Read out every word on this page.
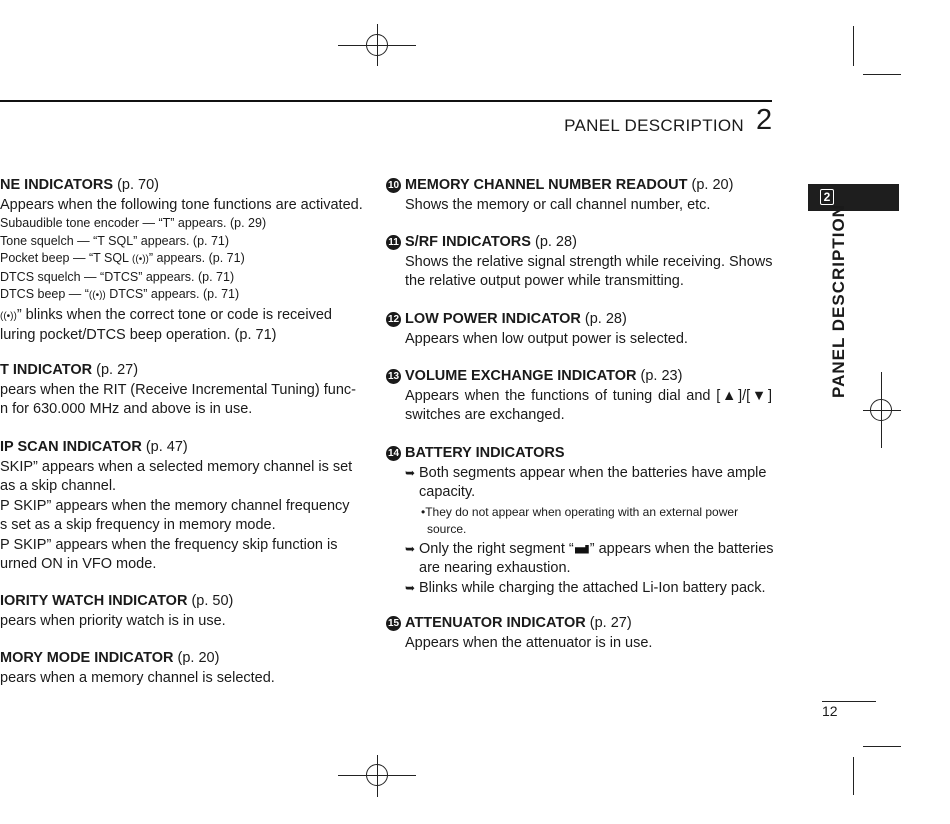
PANEL DESCRIPTION 2
2
PANEL DESCRIPTION
NE INDICATORS (p. 70)
Appears when the following tone functions are activated.
Subaudible tone encoder — “T” appears. (p. 29)
Tone squelch — “T SQL” appears. (p. 71)
Pocket beep — “T SQL ((•))” appears. (p. 71)
DTCS squelch — “DTCS” appears. (p. 71)
DTCS beep — “((•)) DTCS” appears. (p. 71)
((•))” blinks when the correct tone or code is received
luring pocket/DTCS beep operation. (p. 71)
T INDICATOR (p. 27)
pears when the RIT (Receive Incremental Tuning) func-
n for 630.000 MHz and above is in use.
IP SCAN INDICATOR (p. 47)
SKIP” appears when a selected memory channel is set
as a skip channel.
P SKIP” appears when the memory channel frequency
s set as a skip frequency in memory mode.
P SKIP” appears when the frequency skip function is
urned ON in VFO mode.
IORITY WATCH INDICATOR (p. 50)
pears when priority watch is in use.
MORY MODE INDICATOR (p. 20)
pears when a memory channel is selected.
10 MEMORY CHANNEL NUMBER READOUT (p. 20)
Shows the memory or call channel number, etc.
11 S/RF INDICATORS (p. 28)
Shows the relative signal strength while receiving. Shows
the relative output power while transmitting.
12 LOW POWER INDICATOR (p. 28)
Appears when low output power is selected.
13 VOLUME EXCHANGE INDICATOR (p. 23)
Appears when the functions of tuning dial and [▲]/[▼]
switches are exchanged.
14 BATTERY INDICATORS
➥ Both segments appear when the batteries have ample
capacity.
•They do not appear when operating with an external power
source.
➥ Only the right segment “ ” appears when the batteries
are nearing exhaustion.
➥ Blinks while charging the attached Li-Ion battery pack.
15 ATTENUATOR INDICATOR (p. 27)
Appears when the attenuator is in use.
12
